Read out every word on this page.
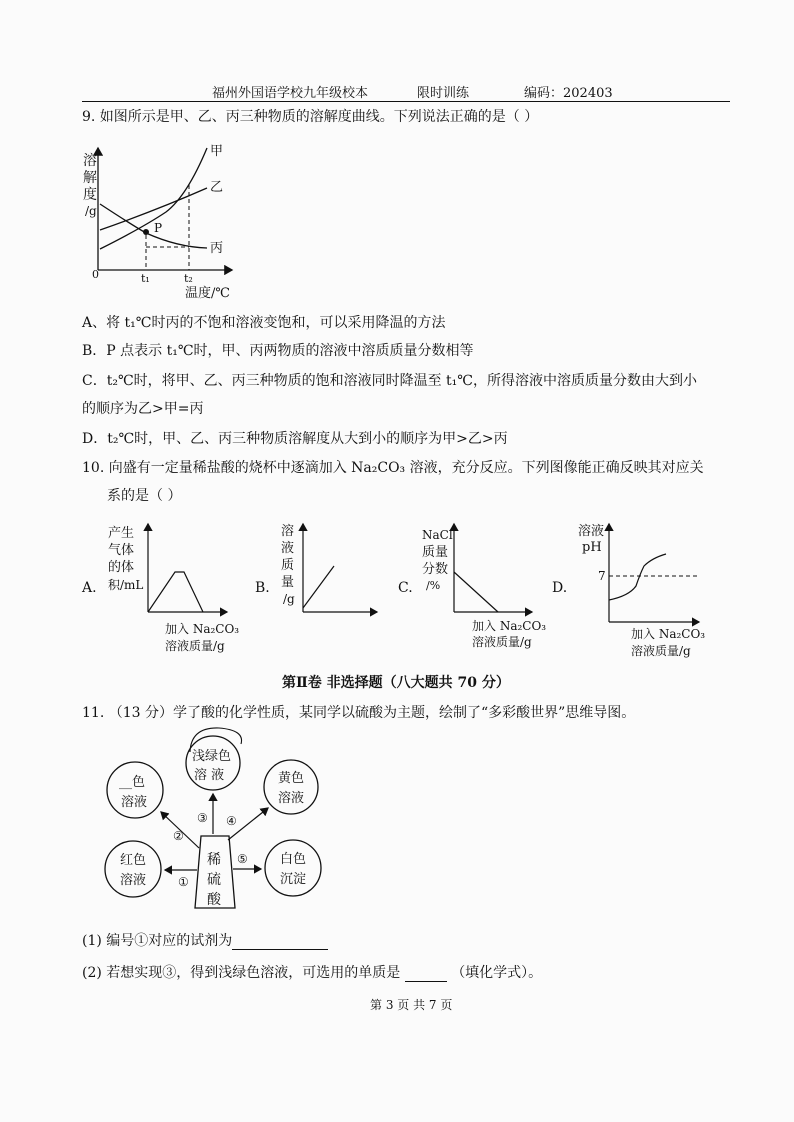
福州外国语学校九年级校本	限时训练	编码：202403
9. 如图所示是甲、乙、丙三种物质的溶解度曲线。下列说法正确的是（ ）
溶
解
度
/g
0	t₁	t₂
温度/℃
P
甲
乙
丙
A、将 t₁℃时丙的不饱和溶液变饱和，可以采用降温的方法
B．P 点表示 t₁℃时，甲、丙两物质的溶液中溶质质量分数相等
C．t₂℃时，将甲、乙、丙三种物质的饱和溶液同时降温至 t₁℃，所得溶液中溶质质量分数由大到小
的顺序为乙>甲=丙
D．t₂℃时，甲、乙、丙三种物质溶解度从大到小的顺序为甲>乙>丙
10. 向盛有一定量稀盐酸的烧杯中逐滴加入 Na₂CO₃ 溶液，充分反应。下列图像能正确反映其对应关
系的是（ ）
A.
产生
气体
的体
积/mL
加入 Na₂CO₃
溶液质量/g
B.
溶
液
质
量
/g
C.
NaCl
质量
分数
/%
加入 Na₂CO₃
溶液质量/g
D.
溶液
pH
7
加入 Na₂CO₃
溶液质量/g
第Ⅱ卷 非选择题（八大题共 70 分）
11. （13 分）学了酸的化学性质，某同学以硫酸为主题，绘制了“多彩酸世界”思维导图。
稀
硫
酸
__色
溶液
浅绿色
溶 液	黄色
溶液
红色
溶液
白色
沉淀
①
②
③ ④
⑤
(1) 编号①对应的试剂为
(2) 若想实现③，得到浅绿色溶液，可选用的单质是	（填化学式）。
第 3 页 共 7 页
